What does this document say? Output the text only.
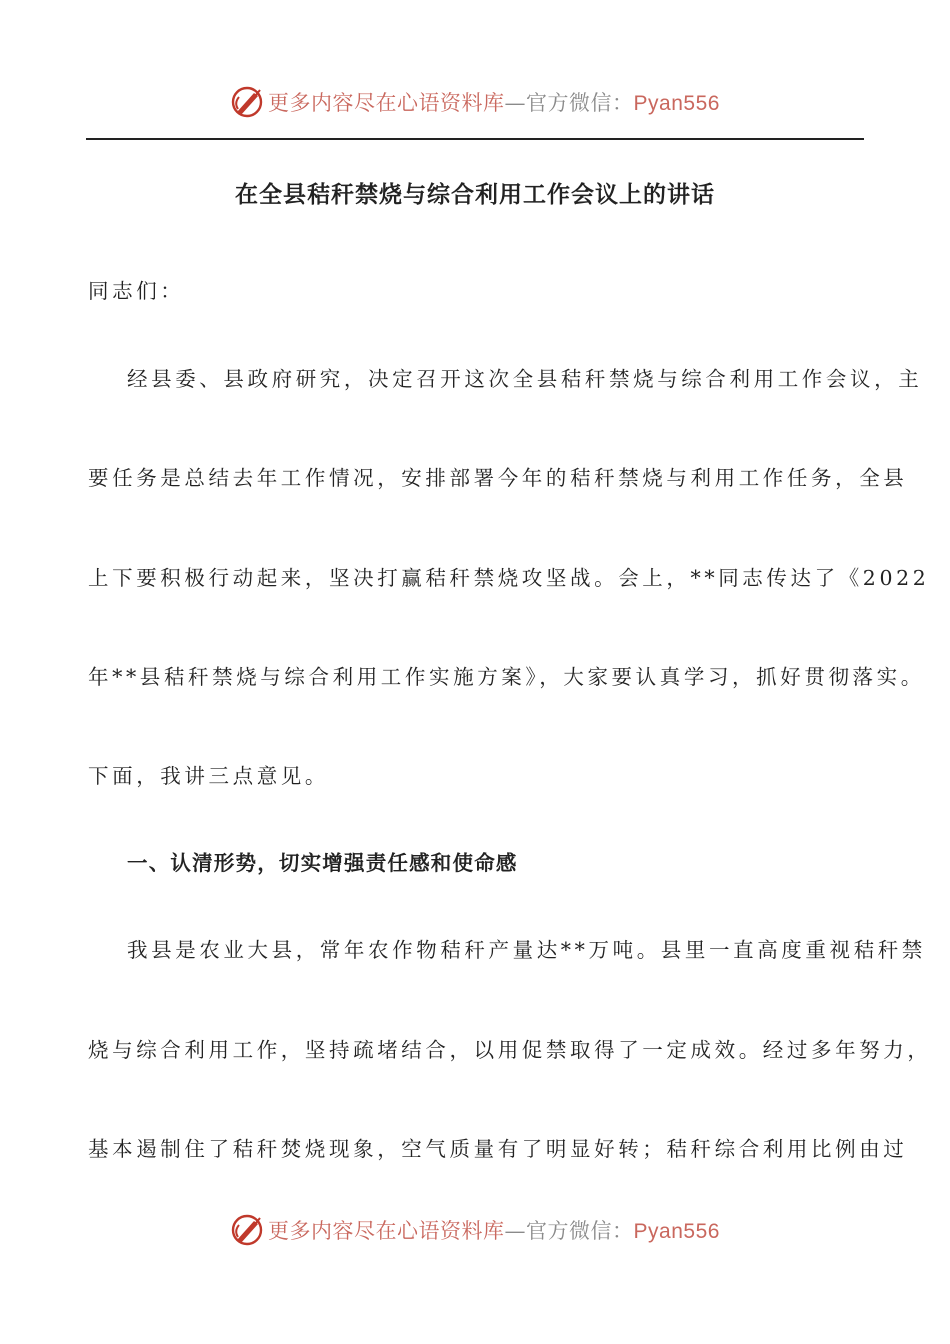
更多内容尽在心语资料库—官方微信：Pyan556
在全县秸秆禁烧与综合利用工作会议上的讲话
同志们：
经县委、县政府研究，决定召开这次全县秸秆禁烧与综合利用工作会议，主
要任务是总结去年工作情况，安排部署今年的秸秆禁烧与利用工作任务，全县
上下要积极行动起来，坚决打赢秸秆禁烧攻坚战。会上，**同志传达了《2022
年**县秸秆禁烧与综合利用工作实施方案》，大家要认真学习，抓好贯彻落实。
下面，我讲三点意见。
一、认清形势，切实增强责任感和使命感
我县是农业大县，常年农作物秸秆产量达**万吨。县里一直高度重视秸秆禁
烧与综合利用工作，坚持疏堵结合，以用促禁取得了一定成效。经过多年努力，
基本遏制住了秸秆焚烧现象，空气质量有了明显好转；秸秆综合利用比例由过
更多内容尽在心语资料库—官方微信：Pyan556
